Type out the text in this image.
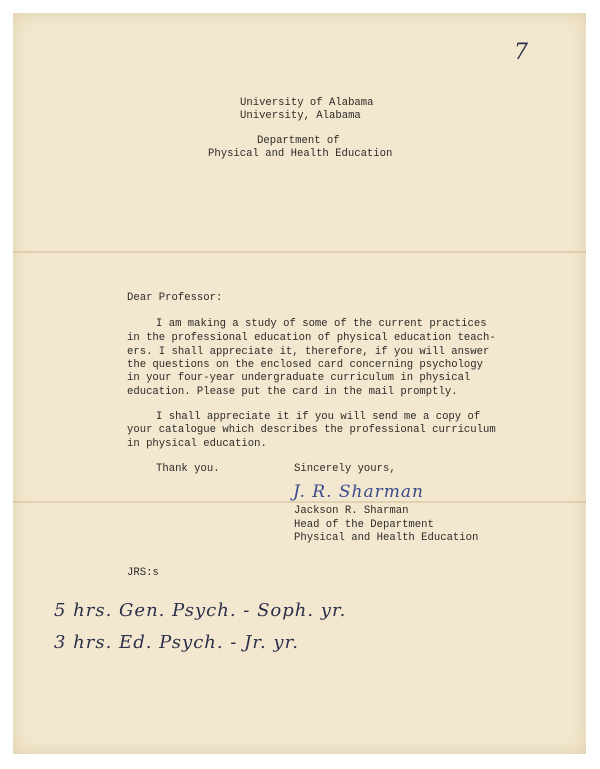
7
University of Alabama
University, Alabama
Department of
Physical and Health Education
Dear Professor:
I am making a study of some of the current practices
in the professional education of physical education teach-
ers. I shall appreciate it, therefore, if you will answer
the questions on the enclosed card concerning psychology
in your four-year undergraduate curriculum in physical
education. Please put the card in the mail promptly.
I shall appreciate it if you will send me a copy of
your catalogue which describes the professional curriculum
in physical education.
Thank you.	Sincerely yours,
J. R. Sharman
Jackson R. Sharman
Head of the Department
Physical and Health Education
JRS:s
5 hrs. Gen. Psych. - Soph. yr.
3 hrs. Ed. Psych. - Jr. yr.
